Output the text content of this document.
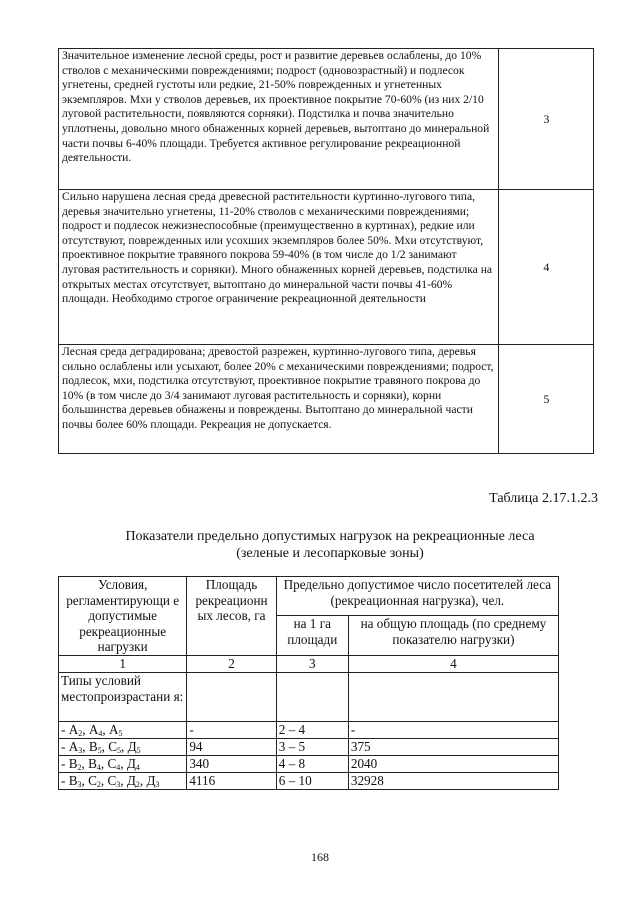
Значительное изменение лесной среды, рост и развитие деревьев ослаблены, до 10% стволов с механическими повреждениями; подрост (одновозрастный) и подлесок угнетены, средней густоты или редкие, 21-50% поврежденных и угнетенных экземпляров. Мхи у стволов деревьев, их проективное покрытие 70-60% (из них 2/10 луговой растительности, появляются сорняки). Подстилка и почва значительно уплотнены, довольно много обнаженных корней деревьев, вытоптано до минеральной части почвы 6-40% площади. Требуется активное регулирование рекреационной деятельности.	3
Сильно нарушена лесная среда древесной растительности куртинно-лугового типа, деревья значительно угнетены, 11-20% стволов с механическими повреждениями; подрост и подлесок нежизнеспособные (преимущественно в куртинах), редкие или отсутствуют, поврежденных или усохших экземпляров более 50%. Мхи отсутствуют, проективное покрытие травяного покрова 59-40% (в том числе до 1/2 занимают луговая растительность и сорняки). Много обнаженных корней деревьев, подстилка на открытых местах отсутствует, вытоптано до минеральной части почвы 41-60% площади. Необходимо строгое ограничение рекреационной деятельности	4
Лесная среда деградирована; древостой разрежен, куртинно-лугового типа, деревья сильно ослаблены или усыхают, более 20% с механическими повреждениями; подрост, подлесок, мхи, подстилка отсутствуют, проективное покрытие травяного покрова до 10% (в том числе до 3/4 занимают луговая растительность и сорняки), корни большинства деревьев обнажены и повреждены. Вытоптано до минеральной части почвы более 60% площади. Рекреация не допускается.	5
Таблица 2.17.1.2.3
Показатели предельно допустимых нагрузок на рекреационные леса
(зеленые и лесопарковые зоны)
Условия, регламентирующи е допустимые рекреационные нагрузки	Площадь рекреационн ых лесов, га	Предельно допустимое число посетителей леса (рекреационная нагрузка), чел.	
		на 1 га площади	на общую площадь (по среднему показателю нагрузки)
1	2	3	4
Типы условий местопроизрастани я:			
- $А_2$, $А_4$, $А_5$	-	2 – 4	-
- $А_3$, $В_5$, $С_5$, $Д_5$	94	3 – 5	375
- $В_2$, $В_4$, $С_4$, $Д_4$	340	4 – 8	2040
- $В_3$, $С_2$, $С_3$, $Д_2$, $Д_3$	4116	6 – 10	32928
168
